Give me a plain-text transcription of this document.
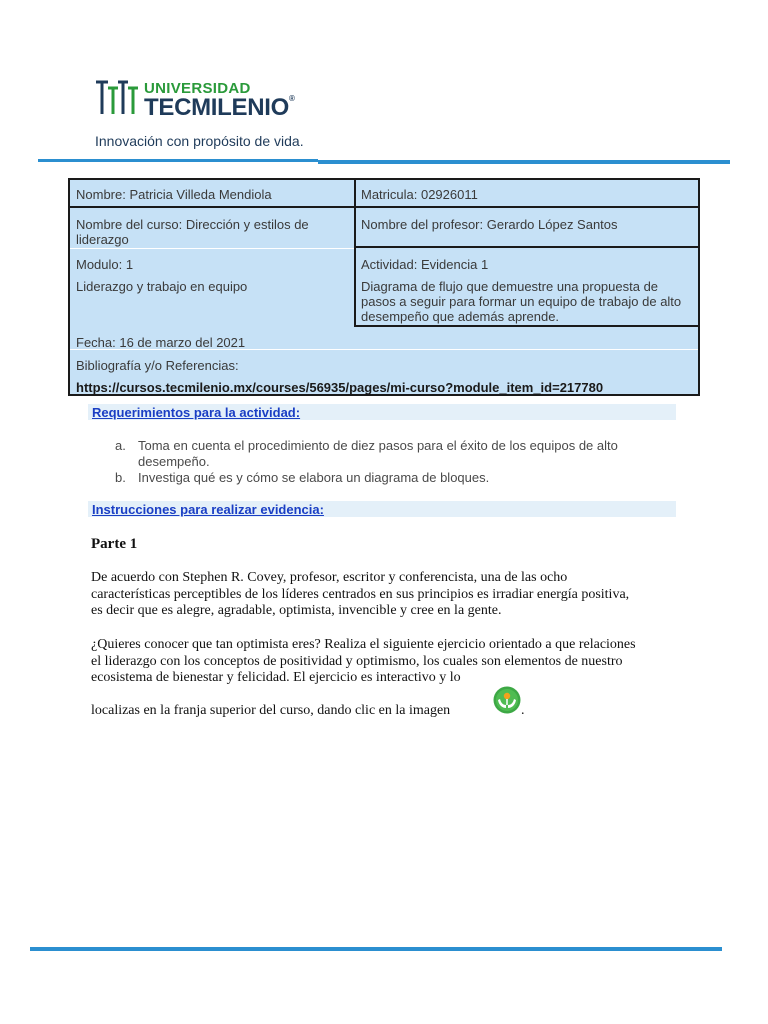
UNIVERSIDAD
TECMILENIO®
Innovación con propósito de vida.
Nombre: Patricia Villeda Mendiola	Matricula: 02926011
Nombre del curso: Dirección y estilos de liderazgo
Nombre del profesor: Gerardo López Santos
Modulo: 1
Liderazgo y trabajo en equipo
Actividad: Evidencia 1
Diagrama de flujo que demuestre una propuesta de pasos a seguir para formar un equipo de trabajo de alto desempeño que además aprende.
Fecha: 16 de marzo del 2021
Bibliografía y/o Referencias:
https://cursos.tecmilenio.mx/courses/56935/pages/mi-curso?module_item_id=217780
Requerimientos para la actividad:
a. Toma en cuenta el procedimiento de diez pasos para el éxito de los equipos de alto desempeño.
b. Investiga qué es y cómo se elabora un diagrama de bloques.
Instrucciones para realizar evidencia:
Parte 1
De acuerdo con Stephen R. Covey, profesor, escritor y conferencista, una de las ocho características perceptibles de los líderes centrados en sus principios es irradiar energía positiva, es decir que es alegre, agradable, optimista, invencible y cree en la gente.
¿Quieres conocer que tan optimista eres? Realiza el siguiente ejercicio orientado a que relaciones el liderazgo con los conceptos de positividad y optimismo, los cuales son elementos de nuestro ecosistema de bienestar y felicidad. El ejercicio es interactivo y lo
localizas en la franja superior del curso, dando clic en la imagen	.
